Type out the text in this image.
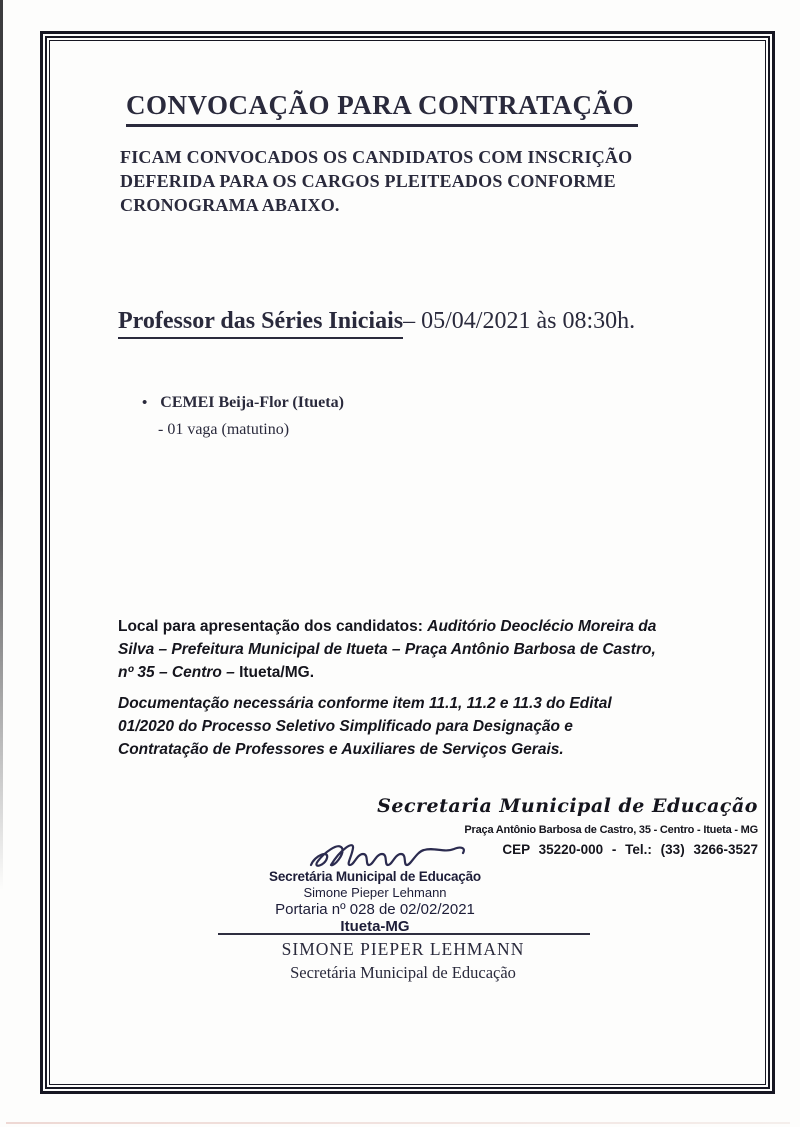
CONVOCAÇÃO PARA CONTRATAÇÃO
FICAM CONVOCADOS OS CANDIDATOS COM INSCRIÇÃO
DEFERIDA PARA OS CARGOS PLEITEADOS CONFORME
CRONOGRAMA ABAIXO.
Professor das Séries Iniciais– 05/04/2021 às 08:30h.
• CEMEI Beija-Flor (Itueta)
- 01 vaga (matutino)
Local para apresentação dos candidatos: Auditório Deoclécio Moreira da
Silva – Prefeitura Municipal de Itueta – Praça Antônio Barbosa de Castro,
nº 35 – Centro – Itueta/MG.
Documentação necessária conforme item 11.1, 11.2 e 11.3 do Edital
01/2020 do Processo Seletivo Simplificado para Designação e
Contratação de Professores e Auxiliares de Serviços Gerais.
Secretaria Municipal de Educação
Praça Antônio Barbosa de Castro, 35 - Centro - Itueta - MG
CEP 35220-000 - Tel.: (33) 3266-3527
Secretária Municipal de Educação
Simone Pieper Lehmann
Portaria nº 028 de 02/02/2021
Itueta-MG
SIMONE PIEPER LEHMANN
Secretária Municipal de Educação
